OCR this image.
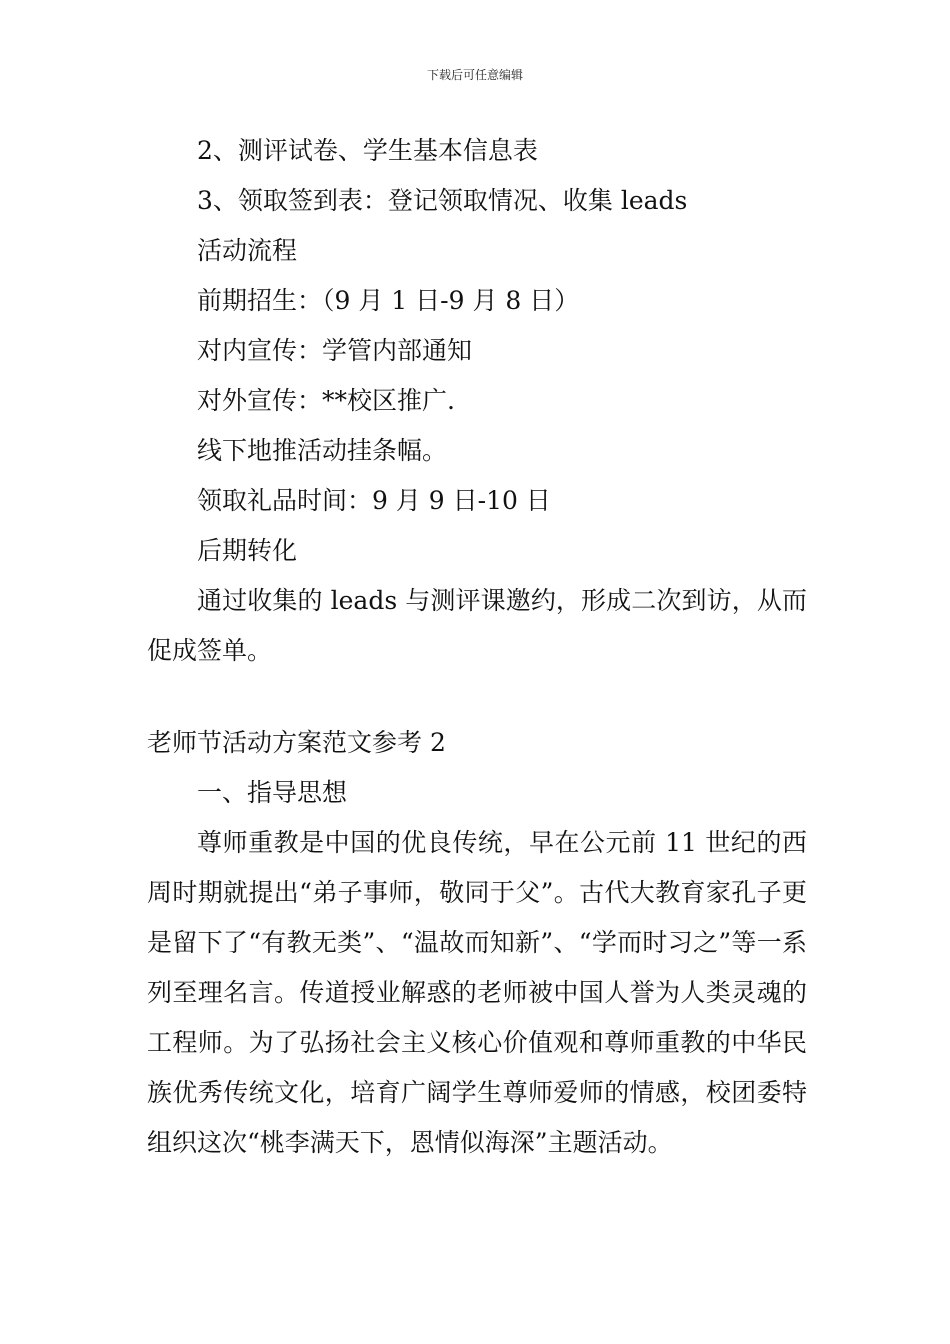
下载后可任意编辑
2、测评试卷、学生基本信息表
3、领取签到表：登记领取情况、收集 leads
活动流程
前期招生：（9 月 1 日-9 月 8 日）
对内宣传：学管内部通知
对外宣传：**校区推广.
线下地推活动挂条幅。
领取礼品时间：9 月 9 日-10 日
后期转化

通过收集的 leads 与测评课邀约，形成二次到访，从而促成签单。

老师节活动方案范文参考 2
一、指导思想

尊师重教是中国的优良传统，早在公元前 11 世纪的西周时期就提出“弟子事师，敬同于父”。古代大教育家孔子更是留下了“有教无类”、“温故而知新”、“学而时习之”等一系列至理名言。传道授业解惑的老师被中国人誉为人类灵魂的工程师。为了弘扬社会主义核心价值观和尊师重教的中华民族优秀传统文化，培育广阔学生尊师爱师的情感，校团委特组织这次“桃李满天下，恩情似海深”主题活动。
